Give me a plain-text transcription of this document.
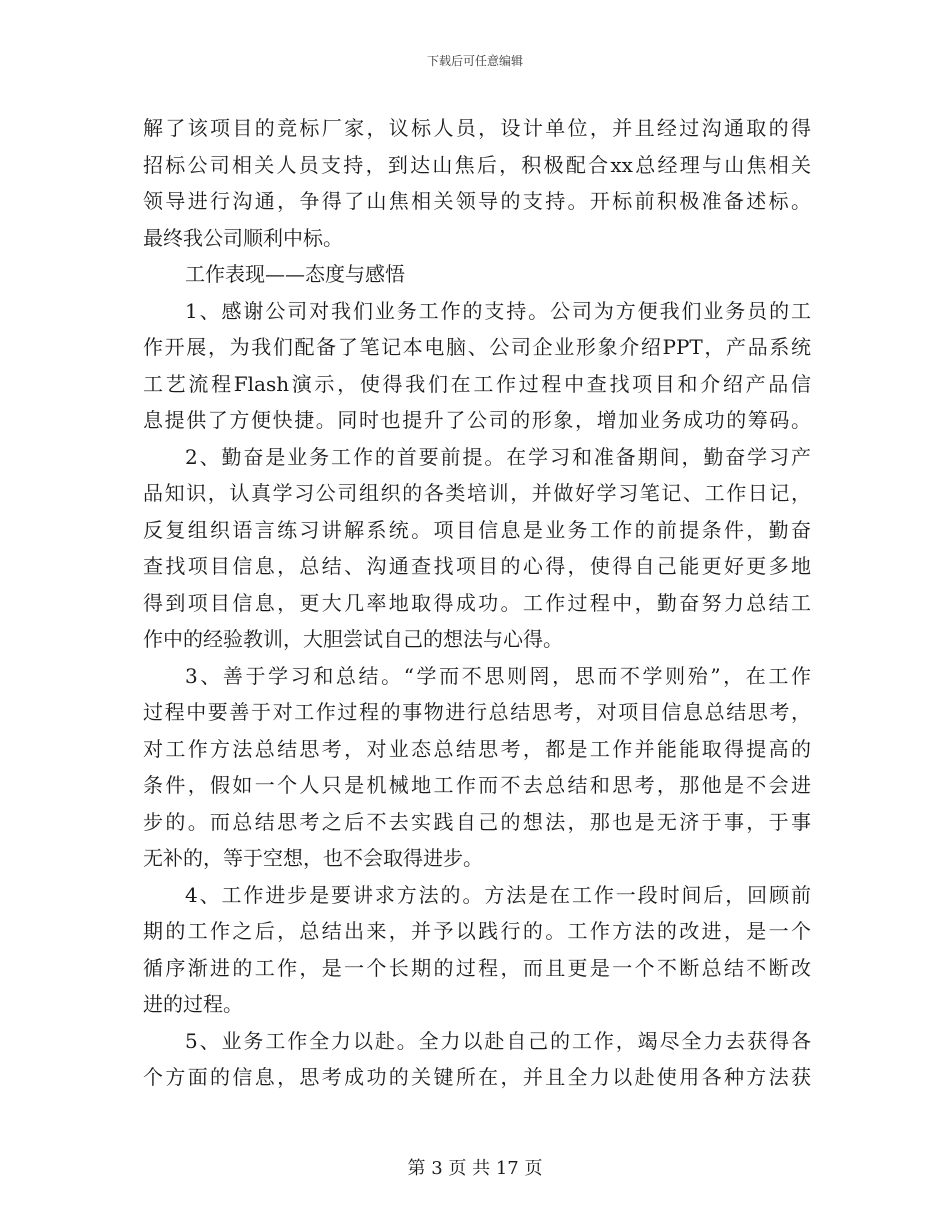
下载后可任意编辑
解了该项目的竞标厂家，议标人员，设计单位，并且经过沟通取的得
招标公司相关人员支持，到达山焦后，积极配合xx总经理与山焦相关
领导进行沟通，争得了山焦相关领导的支持。开标前积极准备述标。
最终我公司顺利中标。
工作表现——态度与感悟
1、感谢公司对我们业务工作的支持。公司为方便我们业务员的工
作开展，为我们配备了笔记本电脑、公司企业形象介绍PPT，产品系统
工艺流程Flash演示，使得我们在工作过程中查找项目和介绍产品信
息提供了方便快捷。同时也提升了公司的形象，增加业务成功的筹码。
2、勤奋是业务工作的首要前提。在学习和准备期间，勤奋学习产
品知识，认真学习公司组织的各类培训，并做好学习笔记、工作日记，
反复组织语言练习讲解系统。项目信息是业务工作的前提条件，勤奋
查找项目信息，总结、沟通查找项目的心得，使得自己能更好更多地
得到项目信息，更大几率地取得成功。工作过程中，勤奋努力总结工
作中的经验教训，大胆尝试自己的想法与心得。
3、善于学习和总结。“学而不思则罔，思而不学则殆”，在工作
过程中要善于对工作过程的事物进行总结思考，对项目信息总结思考，
对工作方法总结思考，对业态总结思考，都是工作并能能取得提高的
条件，假如一个人只是机械地工作而不去总结和思考，那他是不会进
步的。而总结思考之后不去实践自己的想法，那也是无济于事，于事
无补的，等于空想，也不会取得进步。
4、工作进步是要讲求方法的。方法是在工作一段时间后，回顾前
期的工作之后，总结出来，并予以践行的。工作方法的改进，是一个
循序渐进的工作，是一个长期的过程，而且更是一个不断总结不断改
进的过程。
5、业务工作全力以赴。全力以赴自己的工作，竭尽全力去获得各
个方面的信息，思考成功的关键所在，并且全力以赴使用各种方法获
第 3 页 共 17 页
